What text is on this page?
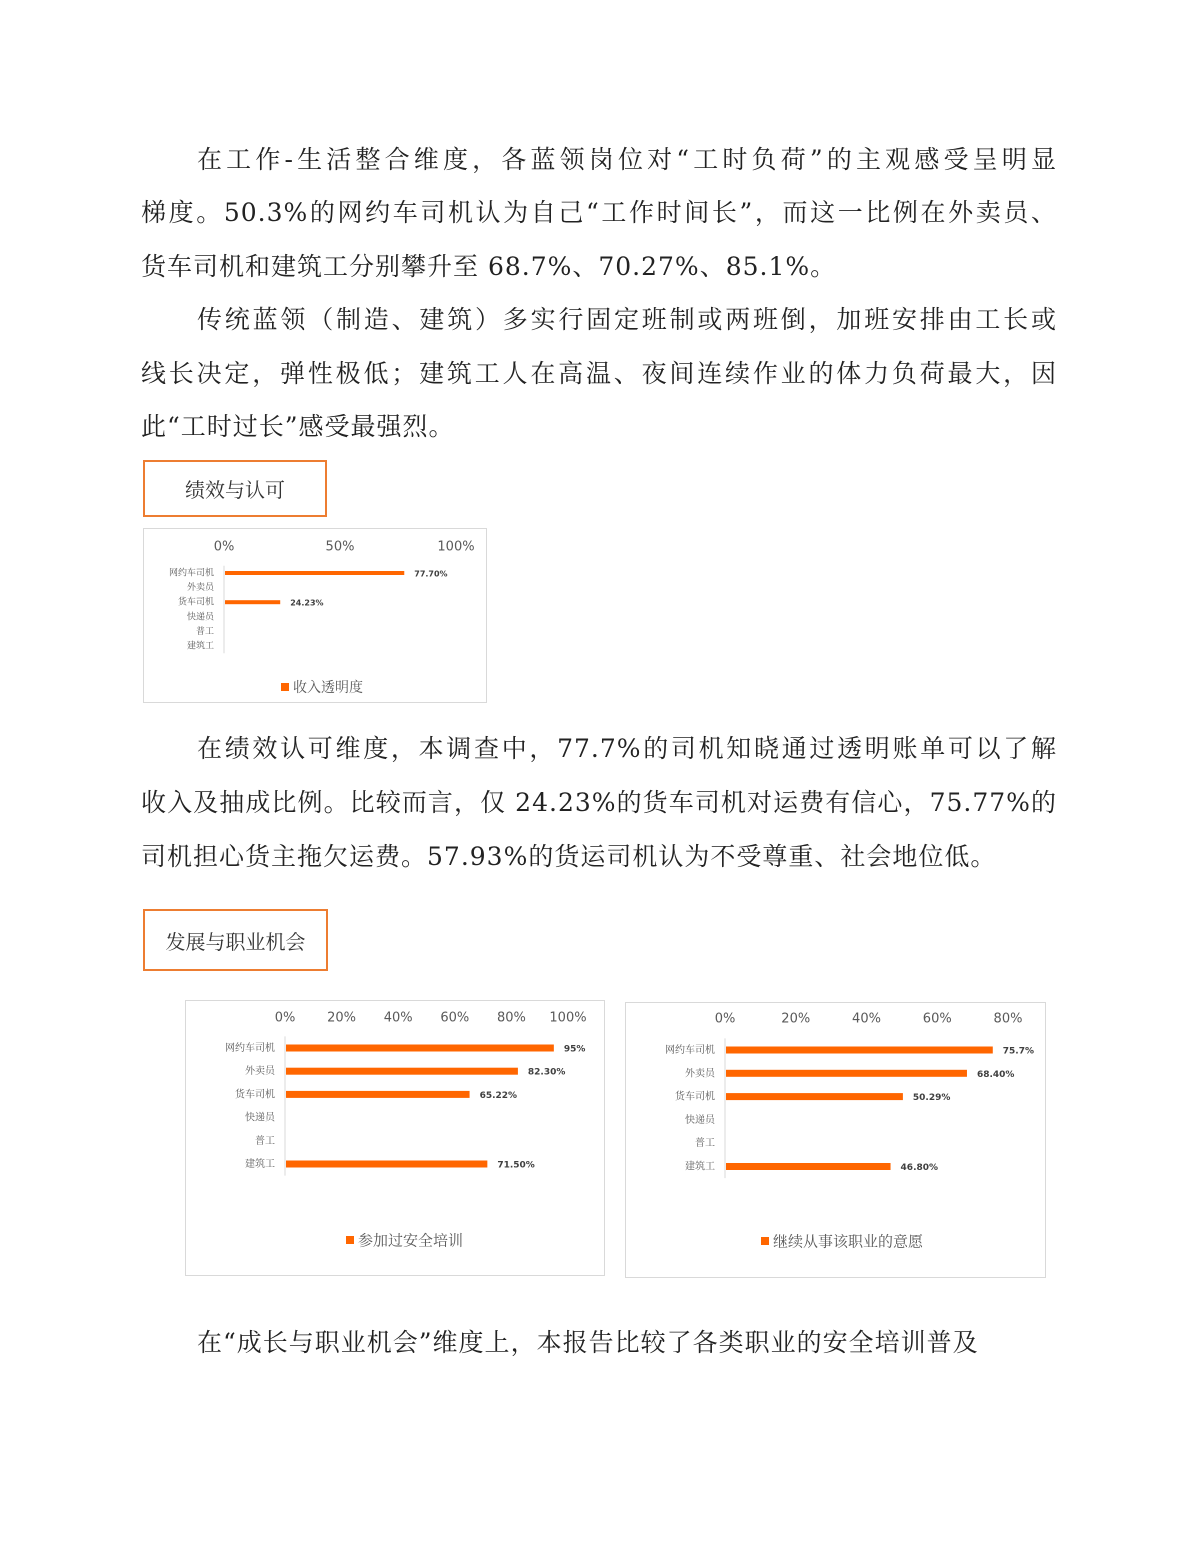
在工作-生活整合维度，各蓝领岗位对“工时负荷”的主观感受呈明显
梯度。50.3%的网约车司机认为自己“工作时间长”，而这一比例在外卖员、
货车司机和建筑工分别攀升至 68.7%、70.27%、85.1%。
传统蓝领（制造、建筑）多实行固定班制或两班倒，加班安排由工长或
线长决定，弹性极低；建筑工人在高温、夜间连续作业的体力负荷最大，因
此“工时过长”感受最强烈。
绩效与认可
0%	50%	100%
网约车司机	77.70%
外卖员
货车司机	24.23%
快递员
普工
建筑工
收入透明度
在绩效认可维度，本调查中，77.7%的司机知晓通过透明账单可以了解
收入及抽成比例。比较而言，仅 24.23%的货车司机对运费有信心，75.77%的
司机担心货主拖欠运费。57.93%的货运司机认为不受尊重、社会地位低。
发展与职业机会
0% 20% 40% 60% 80% 100%
网约车司机	95%
外卖员	82.30%
货车司机	65.22%
快递员
普工
建筑工	71.50%
参加过安全培训
0%	20%	40%	60%	80%
网约车司机	75.7%
外卖员	68.40%
货车司机	50.29%
快递员
普工
建筑工	46.80%
继续从事该职业的意愿
在“成长与职业机会”维度上，本报告比较了各类职业的安全培训普及
